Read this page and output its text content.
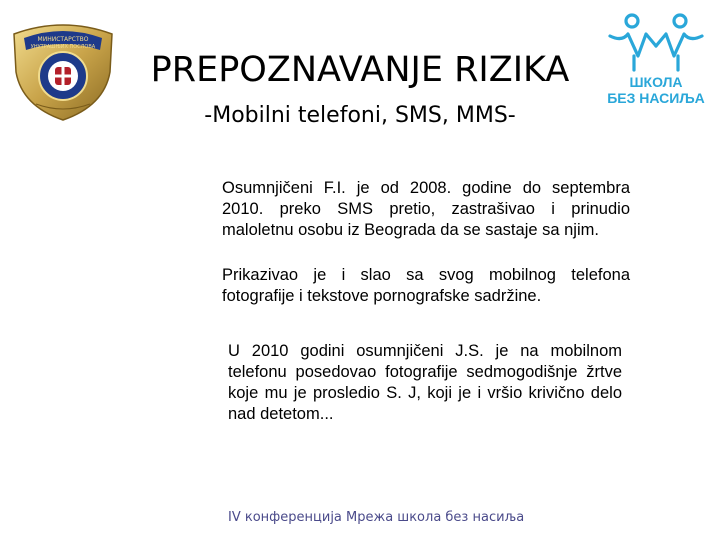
МИНИСТАРСТВО
УНУТРАШЊИХ ПОСЛОВА
PREPOZNAVANJE RIZIKA
-Mobilni telefoni, SMS, MMS-
ШКОЛА
БЕЗ НАСИЉА
Osumnjičeni F.I. je od 2008. godine do septembra 2010. preko SMS pretio, zastrašivao i prinudio maloletnu osobu iz Beograda da se sastaje sa njim.
Prikazivao je i slao sa svog mobilnog telefona fotografije i tekstove pornografske sadržine.
U 2010 godini osumnjičeni J.S. je na mobilnom telefonu posedovao fotografije sedmogodišnje žrtve koje mu je prosledio S. J, koji je i vršio krivično delo nad detetom...
IV конференција Мрежа школа без насиља
